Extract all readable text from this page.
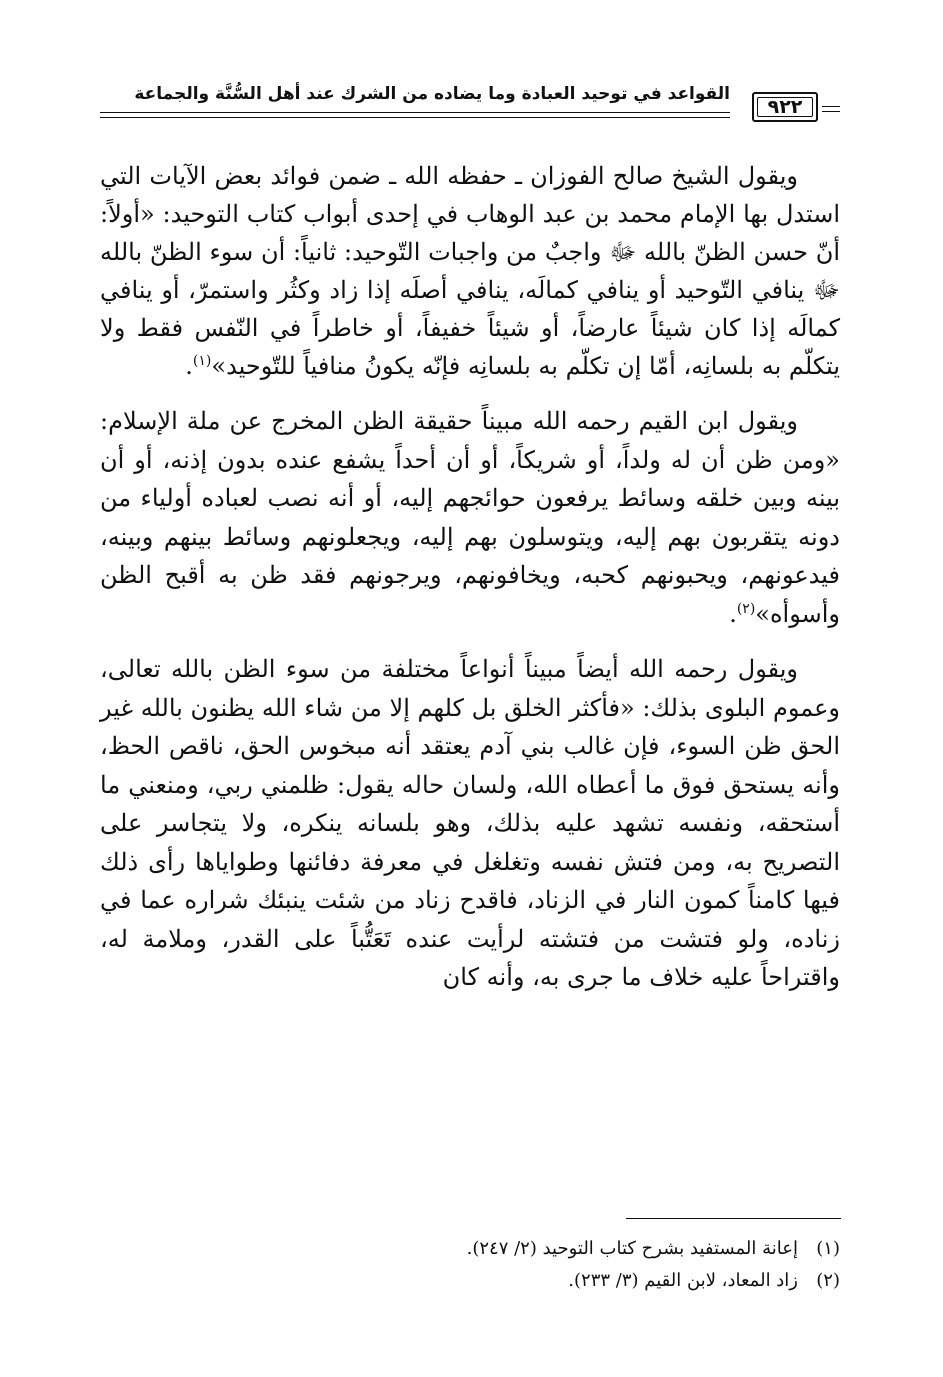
القواعد في توحيد العبادة وما يضاده من الشرك عند أهل السُّنَّة والجماعة
٩٢٢

ويقول الشيخ صالح الفوزان ـ حفظه الله ـ ضمن فوائد بعض الآيات التي استدل بها الإمام محمد بن عبد الوهاب في إحدى أبواب كتاب التوحيد: «أولاً: أنّ حسن الظنّ بالله ﷻ واجبٌ من واجبات التّوحيد: ثانياً: أن سوء الظنّ بالله ﷻ ينافي التّوحيد أو ينافي كمالَه، ينافي أصلَه إذا زاد وكثُر واستمرّ، أو ينافي كمالَه إذا كان شيئاً عارضاً، أو شيئاً خفيفاً، أو خاطراً في النّفس فقط ولا يتكلّم به بلسانِه، أمّا إن تكلّم به بلسانِه فإنّه يكونُ منافياً للتّوحيد»$^{(١)}$.

ويقول ابن القيم رحمه الله مبيناً حقيقة الظن المخرج عن ملة الإسلام: «ومن ظن أن له ولداً، أو شريكاً، أو أن أحداً يشفع عنده بدون إذنه، أو أن بينه وبين خلقه وسائط يرفعون حوائجهم إليه، أو أنه نصب لعباده أولياء من دونه يتقربون بهم إليه، ويتوسلون بهم إليه، ويجعلونهم وسائط بينهم وبينه، فيدعونهم، ويحبونهم كحبه، ويخافونهم، ويرجونهم فقد ظن به أقبح الظن وأسوأه»$^{(٢)}$.

ويقول رحمه الله أيضاً مبيناً أنواعاً مختلفة من سوء الظن بالله تعالى، وعموم البلوى بذلك: «فأكثر الخلق بل كلهم إلا من شاء الله يظنون بالله غير الحق ظن السوء، فإن غالب بني آدم يعتقد أنه مبخوس الحق، ناقص الحظ، وأنه يستحق فوق ما أعطاه الله، ولسان حاله يقول: ظلمني ربي، ومنعني ما أستحقه، ونفسه تشهد عليه بذلك، وهو بلسانه ينكره، ولا يتجاسر على التصريح به، ومن فتش نفسه وتغلغل في معرفة دفائنها وطواياها رأى ذلك فيها كامناً كمون النار في الزناد، فاقدح زناد من شئت ينبئك شراره عما في زناده، ولو فتشت من فتشته لرأيت عنده تَعَتُّباً على القدر، وملامة له، واقتراحاً عليه خلاف ما جرى به، وأنه كان

(١)
إعانة المستفيد بشرح كتاب التوحيد (٢/ ٢٤٧).
(٢)
زاد المعاد، لابن القيم (٣/ ٢٣٣).
